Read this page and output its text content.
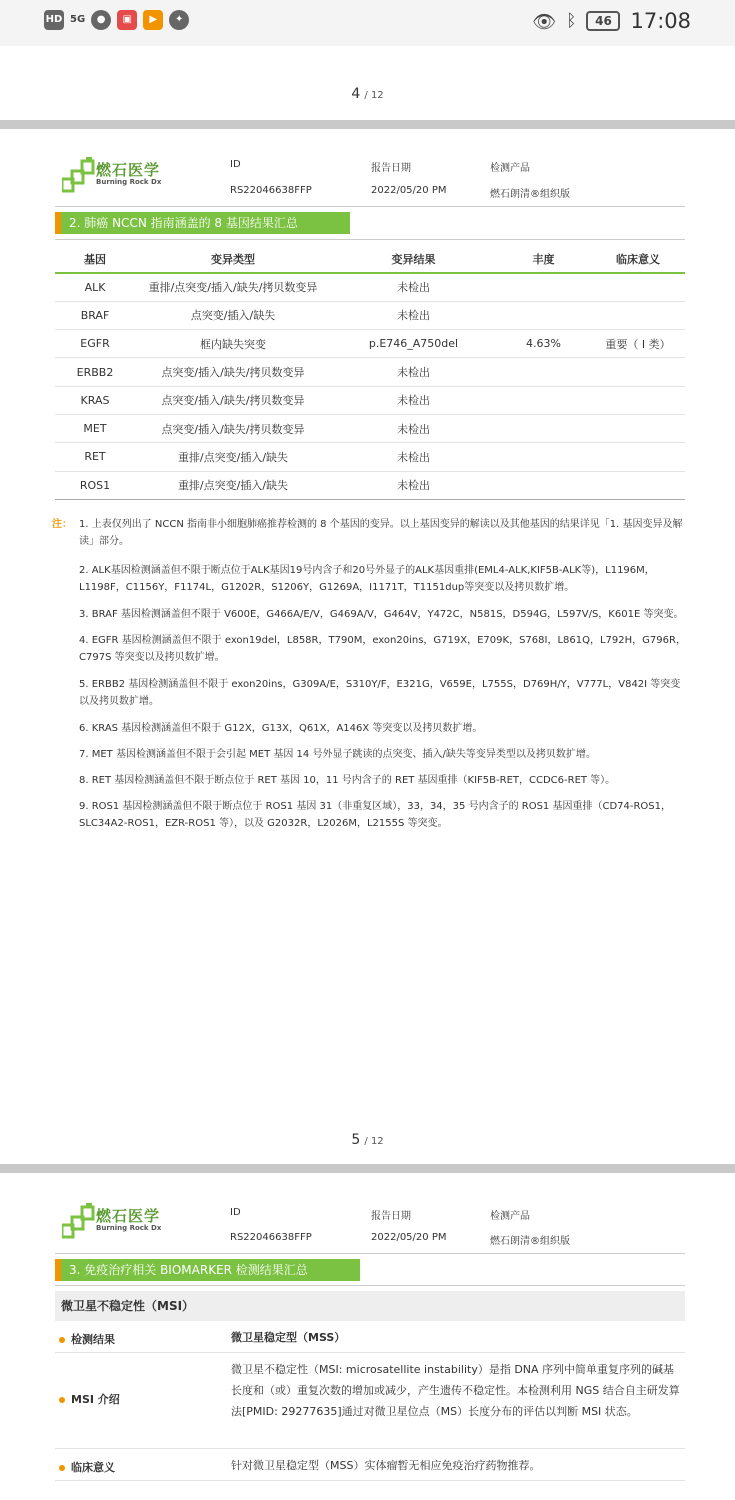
HD 5G	●	▣	▶	✦	👁 ᛒ	46 17:08
4 / 12
燃石医学
Burning Rock Dx
ID
RS22046638FFP
报告日期
2022/05/20 PM
检测产品
燃石朗清®组织版
2. 肺癌 NCCN 指南涵盖的 8 基因结果汇总
基因	变异类型	变异结果	丰度	临床意义
ALK	重排/点突变/插入/缺失/拷贝数变异	未检出		
BRAF	点突变/插入/缺失	未检出		
EGFR	框内缺失突变	p.E746_A750del	4.63%	重要（ I 类）
ERBB2	点突变/插入/缺失/拷贝数变异	未检出		
KRAS	点突变/插入/缺失/拷贝数变异	未检出		
MET	点突变/插入/缺失/拷贝数变异	未检出		
RET	重排/点突变/插入/缺失	未检出		
ROS1	重排/点突变/插入/缺失	未检出		
注： 1. 上表仅列出了 NCCN 指南非小细胞肺癌推荐检测的 8 个基因的变异。以上基因变异的解读以及其他基因的结果详见「1. 基因变异及解读」部分。

2. ALK基因检测涵盖但不限于断点位于ALK基因19号内含子和20号外显子的ALK基因重排(EML4-ALK,KIF5B-ALK等)，L1196M，L1198F，C1156Y，F1174L，G1202R，S1206Y，G1269A，I1171T，T1151dup等突变以及拷贝数扩增。

3. BRAF 基因检测涵盖但不限于 V600E，G466A/E/V，G469A/V，G464V，Y472C，N581S，D594G，L597V/S，K601E 等突变。

4. EGFR 基因检测涵盖但不限于 exon19del，L858R，T790M，exon20ins，G719X，E709K，S768I，L861Q，L792H，G796R，C797S 等突变以及拷贝数扩增。

5. ERBB2 基因检测涵盖但不限于 exon20ins，G309A/E，S310Y/F，E321G，V659E，L755S，D769H/Y，V777L，V842I 等突变以及拷贝数扩增。

6. KRAS 基因检测涵盖但不限于 G12X，G13X，Q61X，A146X 等突变以及拷贝数扩增。

7. MET 基因检测涵盖但不限于会引起 MET 基因 14 号外显子跳读的点突变、插入/缺失等变异类型以及拷贝数扩增。

8. RET 基因检测涵盖但不限于断点位于 RET 基因 10，11 号内含子的 RET 基因重排（KIF5B-RET，CCDC6-RET 等）。

9. ROS1 基因检测涵盖但不限于断点位于 ROS1 基因 31（非重复区域），33，34，35 号内含子的 ROS1 基因重排（CD74-ROS1，SLC34A2-ROS1，EZR-ROS1 等），以及 G2032R，L2026M，L2155S 等突变。

5 / 12
燃石医学
Burning Rock Dx
ID
RS22046638FFP
报告日期
2022/05/20 PM
检测产品
燃石朗清®组织版
3. 免疫治疗相关 BIOMARKER 检测结果汇总
微卫星不稳定性（MSI）
检测结果	微卫星稳定型（MSS）
MSI 介绍
微卫星不稳定性（MSI: microsatellite instability）是指 DNA 序列中简单重复序列的碱基长度和（或）重复次数的增加或减少，产生遗传不稳定性。本检测利用 NGS 结合自主研发算法[PMID: 29277635]通过对微卫星位点（MS）长度分布的评估以判断 MSI 状态。
临床意义	针对微卫星稳定型（MSS）实体瘤暂无相应免疫治疗药物推荐。
